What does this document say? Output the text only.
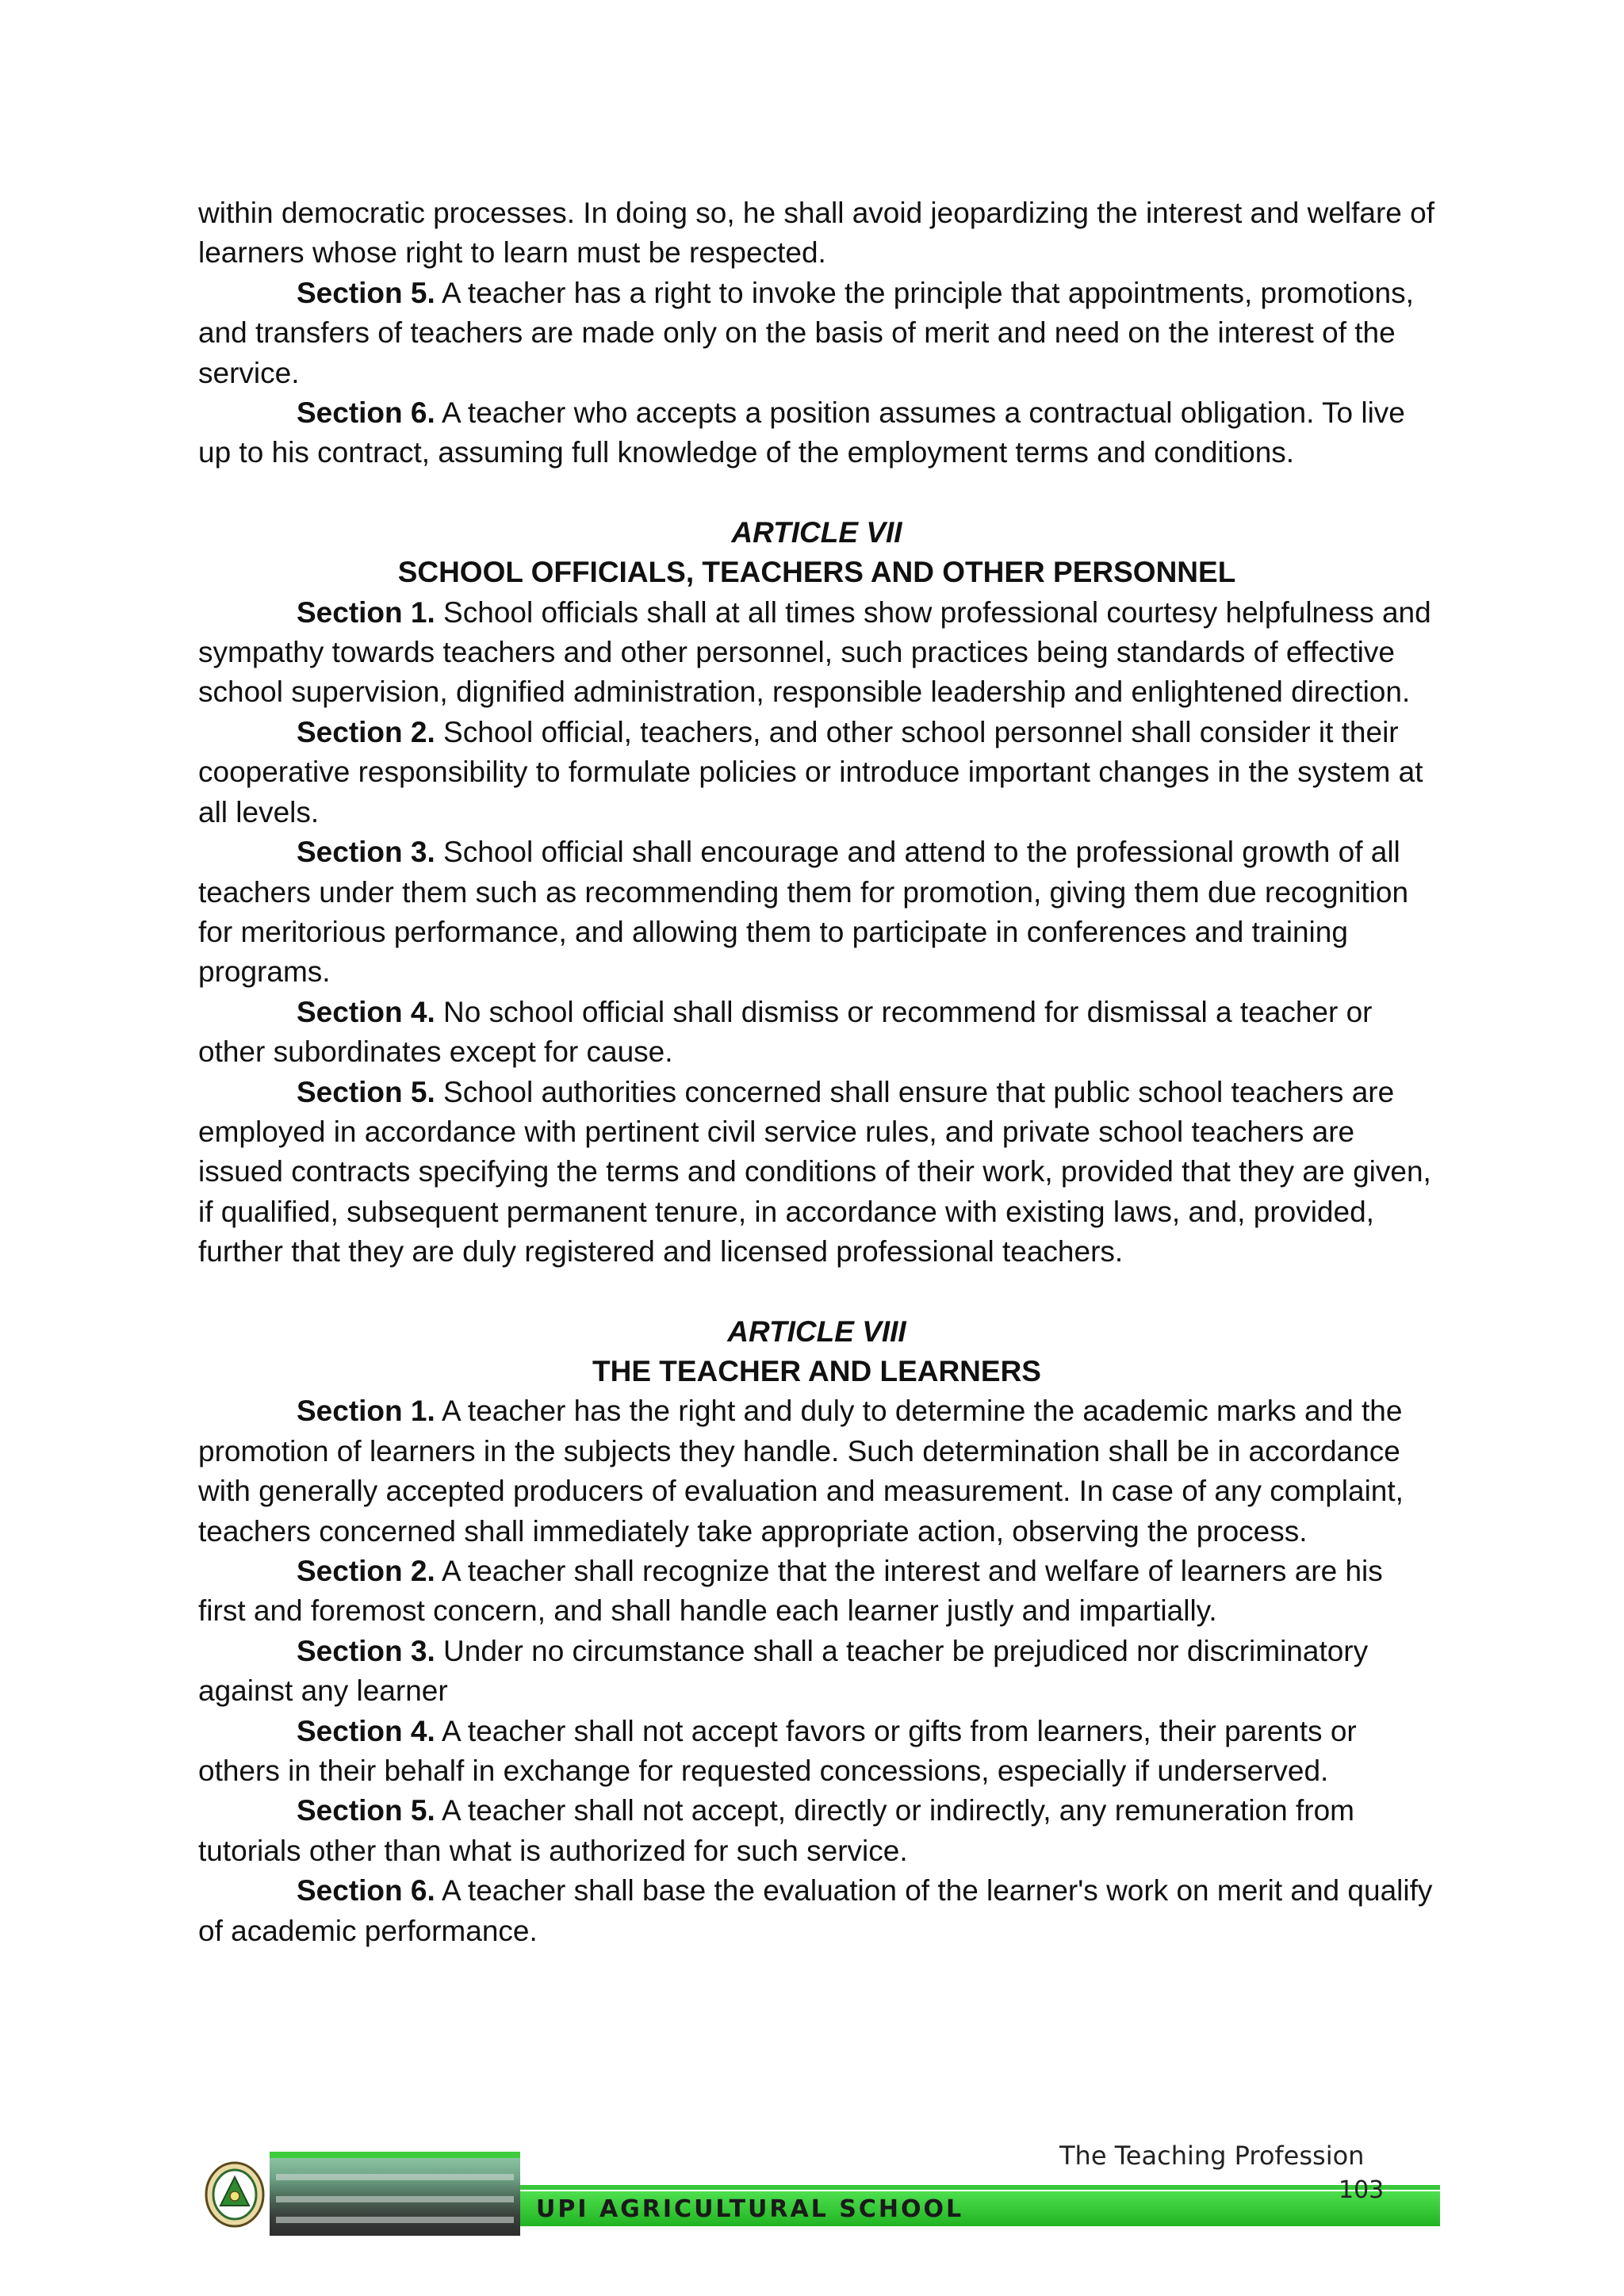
within democratic processes. In doing so, he shall avoid jeopardizing the interest and welfare of learners whose right to learn must be respected.

Section 5. A teacher has a right to invoke the principle that appointments, promotions, and transfers of teachers are made only on the basis of merit and need on the interest of the service.

Section 6. A teacher who accepts a position assumes a contractual obligation. To live up to his contract, assuming full knowledge of the employment terms and conditions.

ARTICLE VII

SCHOOL OFFICIALS, TEACHERS AND OTHER PERSONNEL

Section 1. School officials shall at all times show professional courtesy helpfulness and sympathy towards teachers and other personnel, such practices being standards of effective school supervision, dignified administration, responsible leadership and enlightened direction.

Section 2. School official, teachers, and other school personnel shall consider it their cooperative responsibility to formulate policies or introduce important changes in the system at all levels.

Section 3. School official shall encourage and attend to the professional growth of all teachers under them such as recommending them for promotion, giving them due recognition for meritorious performance, and allowing them to participate in conferences and training programs.

Section 4. No school official shall dismiss or recommend for dismissal a teacher or other subordinates except for cause.

Section 5. School authorities concerned shall ensure that public school teachers are employed in accordance with pertinent civil service rules, and private school teachers are issued contracts specifying the terms and conditions of their work, provided that they are given, if qualified, subsequent permanent tenure, in accordance with existing laws, and, provided, further that they are duly registered and licensed professional teachers.

ARTICLE VIII

THE TEACHER AND LEARNERS

Section 1. A teacher has the right and duly to determine the academic marks and the promotion of learners in the subjects they handle. Such determination shall be in accordance with generally accepted producers of evaluation and measurement. In case of any complaint, teachers concerned shall immediately take appropriate action, observing the process.

Section 2. A teacher shall recognize that the interest and welfare of learners are his first and foremost concern, and shall handle each learner justly and impartially.

Section 3. Under no circumstance shall a teacher be prejudiced nor discriminatory against any learner

Section 4. A teacher shall not accept favors or gifts from learners, their parents or others in their behalf in exchange for requested concessions, especially if underserved.

Section 5. A teacher shall not accept, directly or indirectly, any remuneration from tutorials other than what is authorized for such service.

Section 6. A teacher shall base the evaluation of the learner's work on merit and qualify of academic performance.

The Teaching Profession
UPI AGRICULTURAL SCHOOL
103
